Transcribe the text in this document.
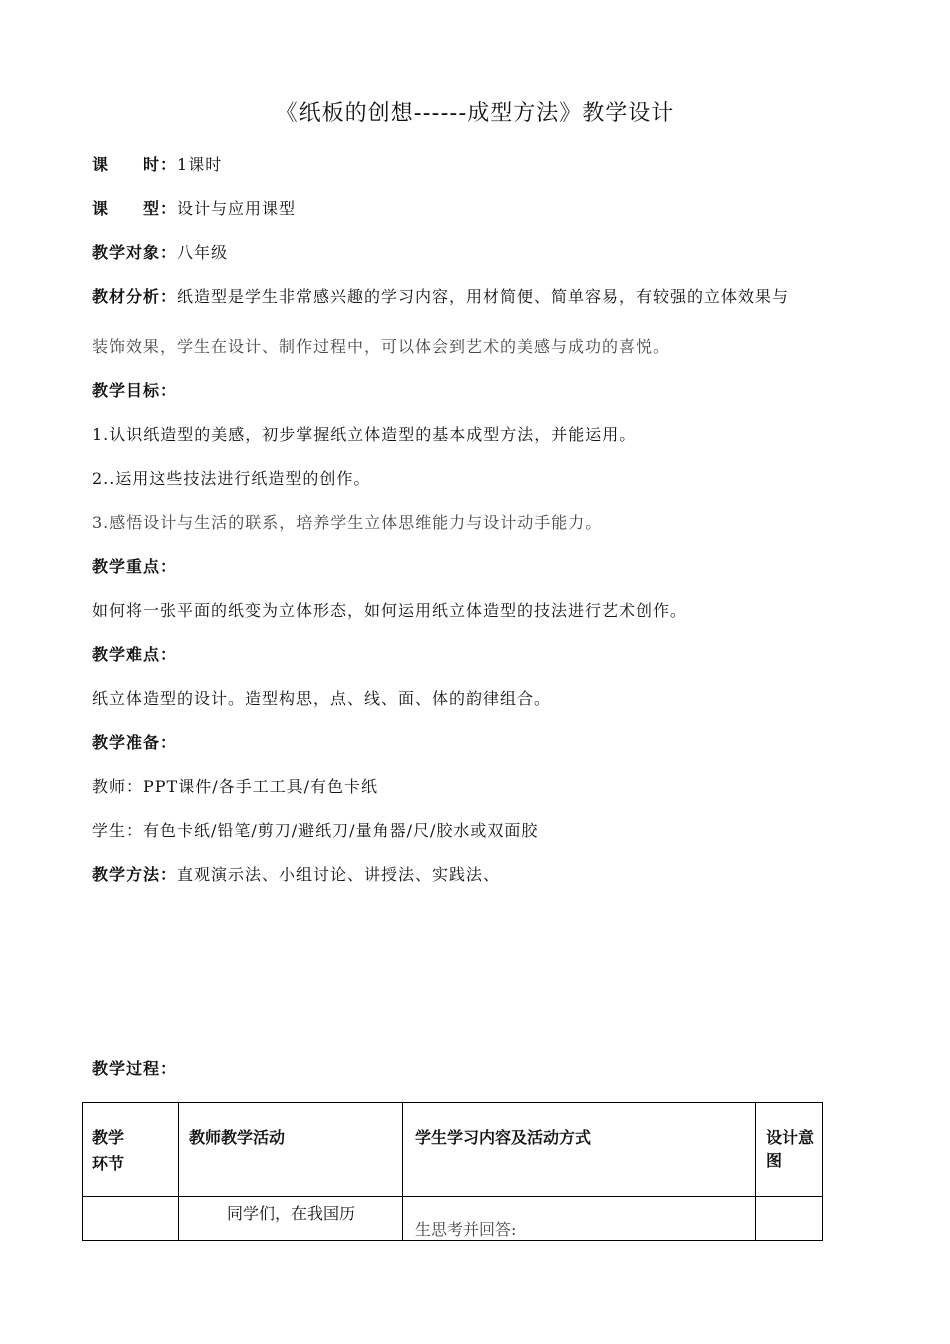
《纸板的创想------成型方法》教学设计
课　　时：1课时
课　　型：设计与应用课型
教学对象：八年级
教材分析：纸造型是学生非常感兴趣的学习内容，用材简便、简单容易，有较强的立体效果与
装饰效果，学生在设计、制作过程中，可以体会到艺术的美感与成功的喜悦。
教学目标：
1.认识纸造型的美感，初步掌握纸立体造型的基本成型方法，并能运用。
2..运用这些技法进行纸造型的创作。
3.感悟设计与生活的联系，培养学生立体思维能力与设计动手能力。
教学重点：
如何将一张平面的纸变为立体形态，如何运用纸立体造型的技法进行艺术创作。
教学难点：
纸立体造型的设计。造型构思，点、线、面、体的韵律组合。
教学准备：
教师：PPT课件/各手工工具/有色卡纸
学生：有色卡纸/铅笔/剪刀/避纸刀/量角器/尺/胶水或双面胶
教学方法：直观演示法、小组讨论、讲授法、实践法、
教学过程：
教学
环节	教师教学活动	学生学习内容及活动方式	设计意图
	同学们，在我国历	生思考并回答:	
